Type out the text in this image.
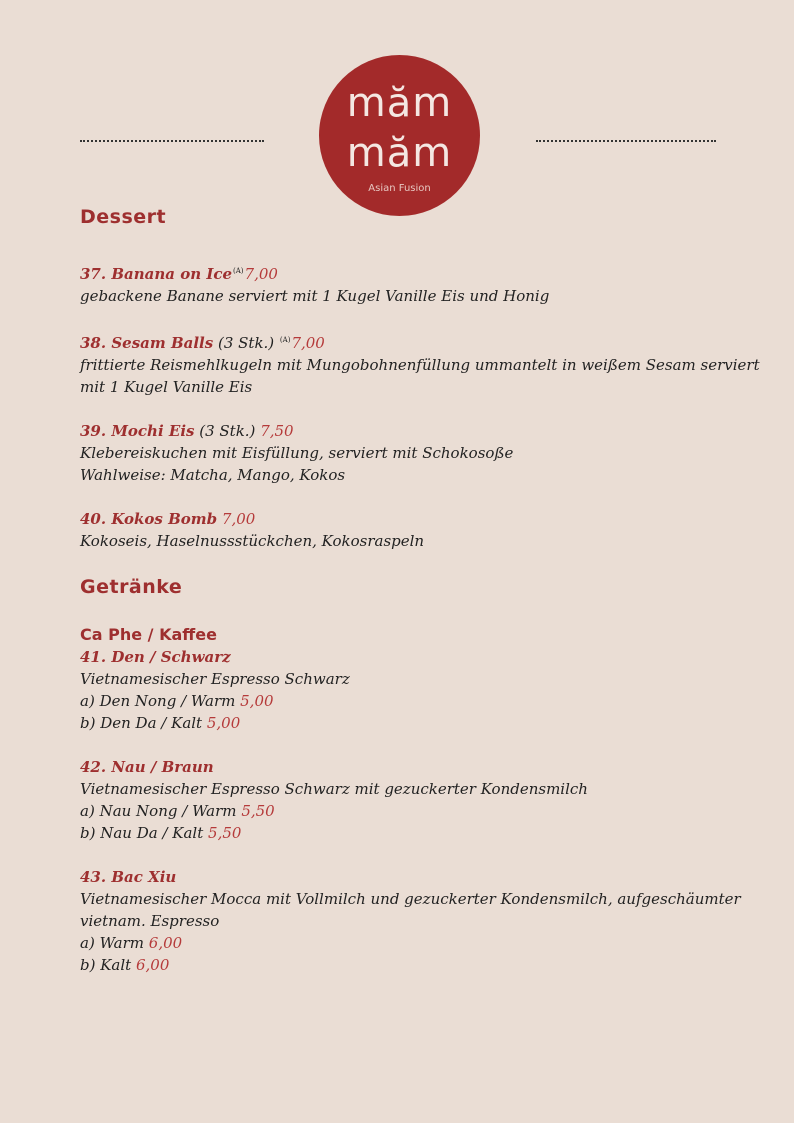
măm
măm
Asian Fusion
Dessert
37. Banana on Ice$^{(A)}$7,00
gebackene Banane serviert mit 1 Kugel Vanille Eis und Honig
38. Sesam Balls (3 Stk.) $^{(A)}$7,00
frittierte Reismehlkugeln mit Mungobohnenfüllung ummantelt in weißem Sesam serviert mit 1 Kugel Vanille Eis
39. Mochi Eis (3 Stk.) 7,50
Klebereiskuchen mit Eisfüllung, serviert mit Schokosoße
Wahlweise: Matcha, Mango, Kokos
40. Kokos Bomb 7,00
Kokoseis, Haselnussstückchen, Kokosraspeln
Getränke
Ca Phe / Kaffee
41. Den / Schwarz
Vietnamesischer Espresso Schwarz
a) Den Nong / Warm 5,00
b) Den Da / Kalt 5,00
42. Nau / Braun
Vietnamesischer Espresso Schwarz mit gezuckerter Kondensmilch
a) Nau Nong / Warm 5,50
b) Nau Da / Kalt 5,50
43. Bac Xiu
Vietnamesischer Mocca mit Vollmilch und gezuckerter Kondensmilch, aufgeschäumter vietnam. Espresso
a) Warm 6,00
b) Kalt 6,00
